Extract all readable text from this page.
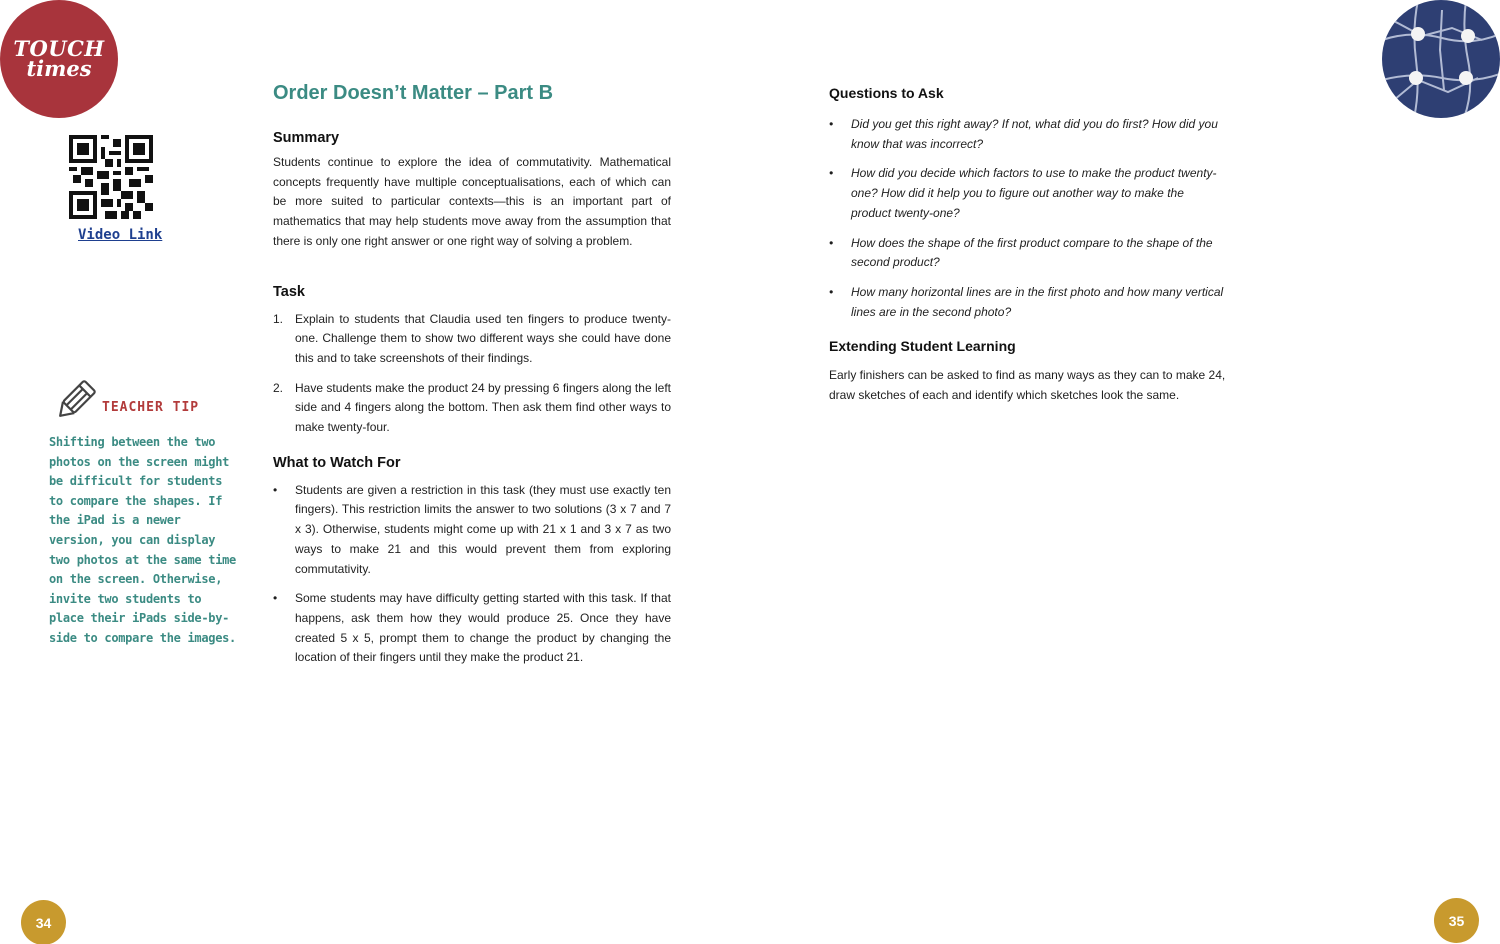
TOUCH
times
Video Link
TEACHER TIP
Shifting between the two photos on the screen might be difficult for students to compare the shapes. If the iPad is a newer version, you can display two photos at the same time on the screen. Otherwise, invite two students to place their iPads side-by-side to compare the images.
Order Doesn’t Matter – Part B
Summary

Students continue to explore the idea of commutativity. Mathematical concepts frequently have multiple conceptualisations, each of which can be more suited to particular contexts—this is an important part of mathematics that may help students move away from the assumption that there is only one right answer or one right way of solving a problem.

Task
1. Explain to students that Claudia used ten fingers to produce twenty-one. Challenge them to show two different ways she could have done this and to take screenshots of their findings.
2. Have students make the product 24 by pressing 6 fingers along the left side and 4 fingers along the bottom. Then ask them find other ways to make twenty-four.
What to Watch For
• Students are given a restriction in this task (they must use exactly ten fingers). This restriction limits the answer to two solutions (3 x 7 and 7 x 3). Otherwise, students might come up with 21 x 1 and 3 x 7 as two ways to make 21 and this would prevent them from exploring commutativity.
• Some students may have difficulty getting started with this task. If that happens, ask them how they would produce 25. Once they have created 5 x 5, prompt them to change the product by changing the location of their fingers until they make the product 21.
Questions to Ask
• Did you get this right away? If not, what did you do first? How did you know that was incorrect?
• How did you decide which factors to use to make the product twenty-one? How did it help you to figure out another way to make the product twenty-one?
• How does the shape of the first product compare to the shape of the second product?
• How many horizontal lines are in the first photo and how many vertical lines are in the second photo?
Extending Student Learning

Early finishers can be asked to find as many ways as they can to make 24, draw sketches of each and identify which sketches look the same.

34	35
